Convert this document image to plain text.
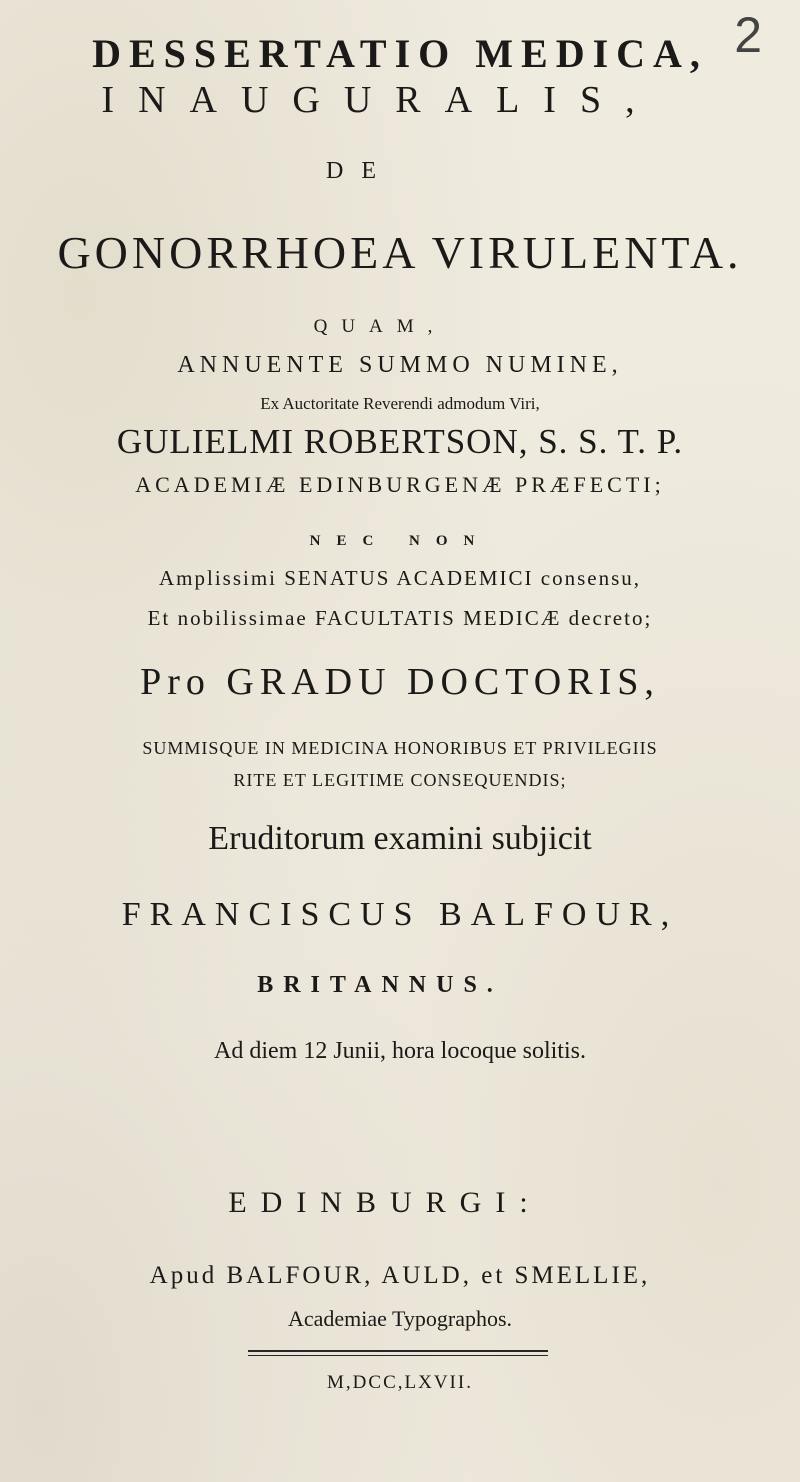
2
DESSERTATIO MEDICA,
INAUGURALIS,
DE
GONORRHOEA VIRULENTA.
QUAM,
ANNUENTE SUMMO NUMINE,
Ex Auctoritate Reverendi admodum Viri,
GULIELMI ROBERTSON, S. S. T. P.
ACADEMIÆ EDINBURGENÆ PRÆFECTI;
NEC NON
Amplissimi SENATUS ACADEMICI consensu,
Et nobilissimae FACULTATIS MEDICÆ decreto;
Pro GRADU DOCTORIS,
SUMMISQUE IN MEDICINA HONORIBUS ET PRIVILEGIIS
RITE ET LEGITIME CONSEQUENDIS;
Eruditorum examini subjicit
FRANCISCUS BALFOUR,
BRITANNUS.
Ad diem 12 Junii, hora locoque solitis.
EDINBURGI:
Apud BALFOUR, AULD, et SMELLIE,
Academiae Typographos.
M,DCC,LXVII.
